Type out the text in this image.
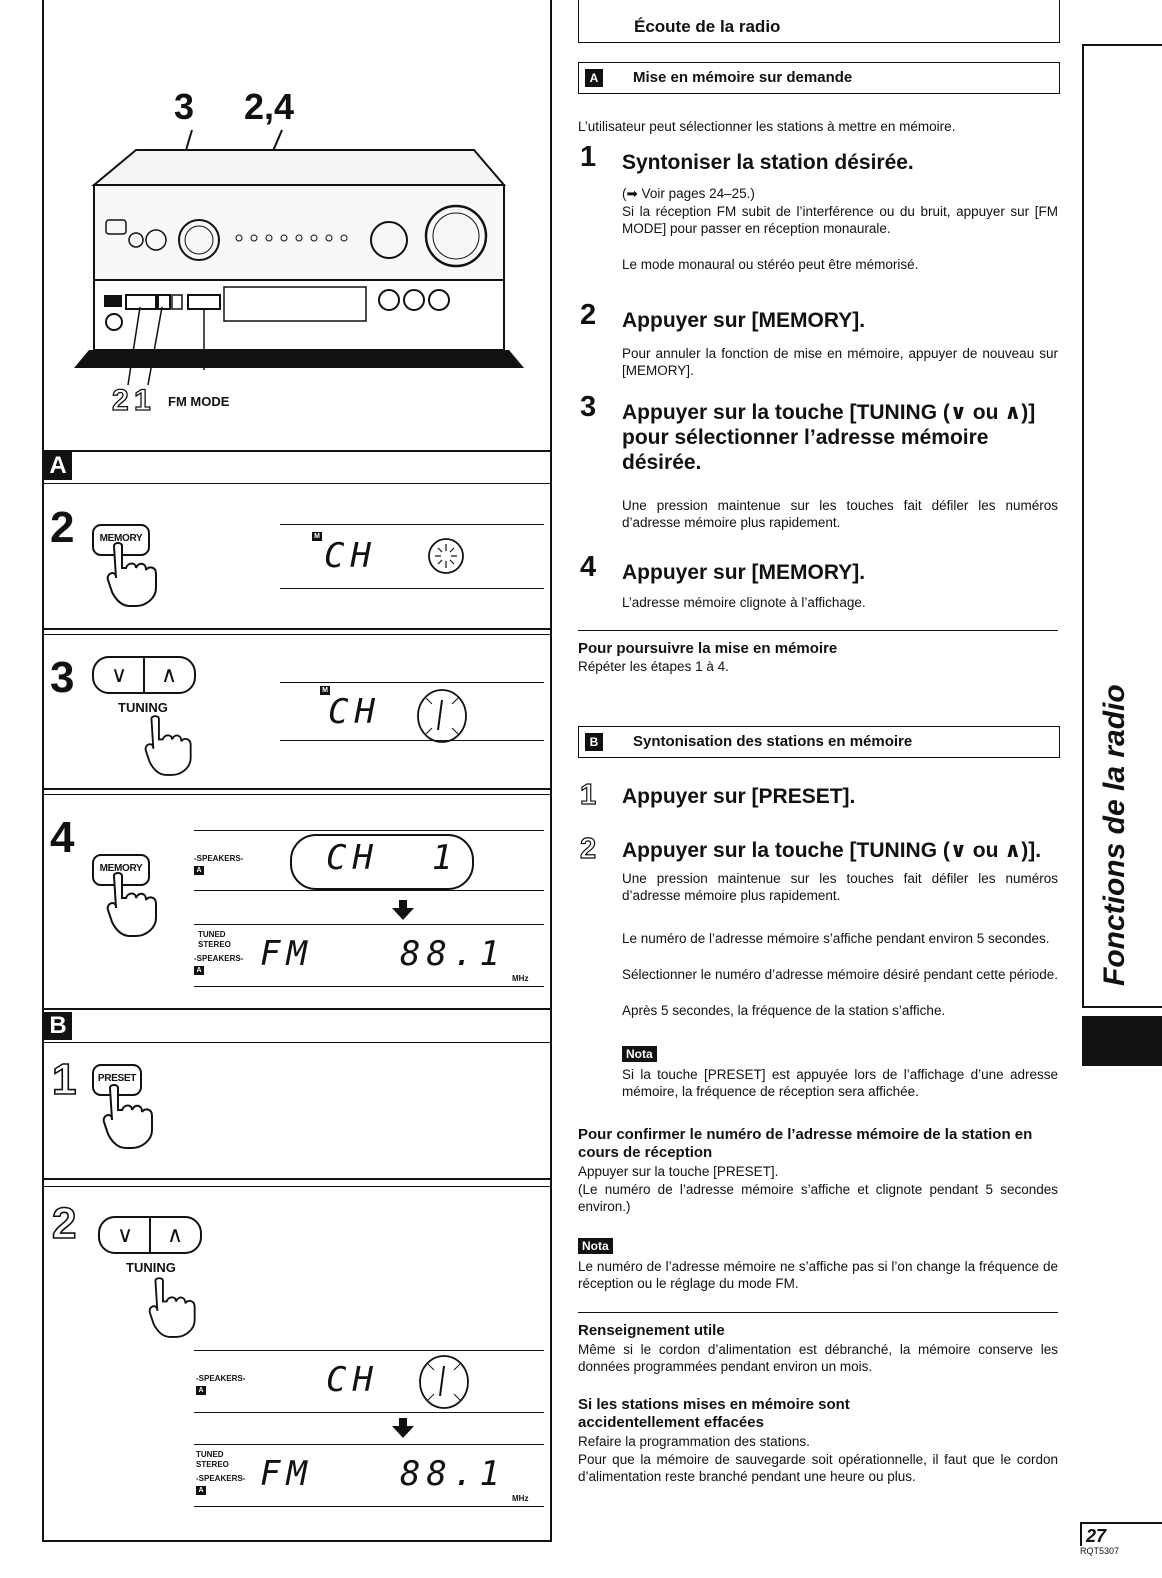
3 2,4
2 1 FM MODE
A
2	MEMORY	M CH
3	∨	∧
TUNING
M
CH
4
MEMORY
-SPEAKERS-
A	CH  1
TUNED
STEREO
-SPEAKERS-
A FM	88.1
MHz
B
1	PRESET
2	∨	∧
TUNING
-SPEAKERS-
A	CH
TUNED
STEREO
-SPEAKERS-
A FM	88.1
MHz
Écoute de la radio
A	Mise en mémoire sur demande
L’utilisateur peut sélectionner les stations à mettre en mémoire.
1 Syntoniser la station désirée.
(➡ Voir pages 24–25.)
Si la réception FM subit de l’interférence ou du bruit, appuyer sur [FM MODE] pour passer en réception monaurale.
Le mode monaural ou stéréo peut être mémorisé.
2 Appuyer sur [MEMORY].
Pour annuler la fonction de mise en mémoire, appuyer de nouveau sur [MEMORY].
3 Appuyer sur la touche [TUNING (∨ ou ∧)] pour sélectionner l’adresse mémoire désirée.
Une pression maintenue sur les touches fait défiler les numéros d’adresse mémoire plus rapidement.
4 Appuyer sur [MEMORY].
L’adresse mémoire clignote à l’affichage.
Pour poursuivre la mise en mémoire
Répéter les étapes 1 à 4.
B	Syntonisation des stations en mémoire
1 Appuyer sur [PRESET].
2 Appuyer sur la touche [TUNING (∨ ou ∧)].
Une pression maintenue sur les touches fait défiler les numéros d’adresse mémoire plus rapidement.
Le numéro de l’adresse mémoire s’affiche pendant environ 5 secondes.
Sélectionner le numéro d’adresse mémoire désiré pendant cette période.
Après 5 secondes, la fréquence de la station s’affiche.
Nota
Si la touche [PRESET] est appuyée lors de l’affichage d’une adresse mémoire, la fréquence de réception sera affichée.
Pour confirmer le numéro de l’adresse mémoire de la station en cours de réception
Appuyer sur la touche [PRESET].
(Le numéro de l’adresse mémoire s’affiche et clignote pendant 5 secondes environ.)
Nota
Le numéro de l’adresse mémoire ne s’affiche pas si l’on change la fréquence de réception ou le réglage du mode FM.
Renseignement utile
Même si le cordon d’alimentation est débranché, la mémoire conserve les données programmées pendant environ un mois.
Si les stations mises en mémoire sont accidentellement effacées
Refaire la programmation des stations.
Pour que la mémoire de sauvegarde soit opérationnelle, il faut que le cordon d’alimentation reste branché pendant une heure ou plus.
Fonctions de la radio
27
RQT5307
